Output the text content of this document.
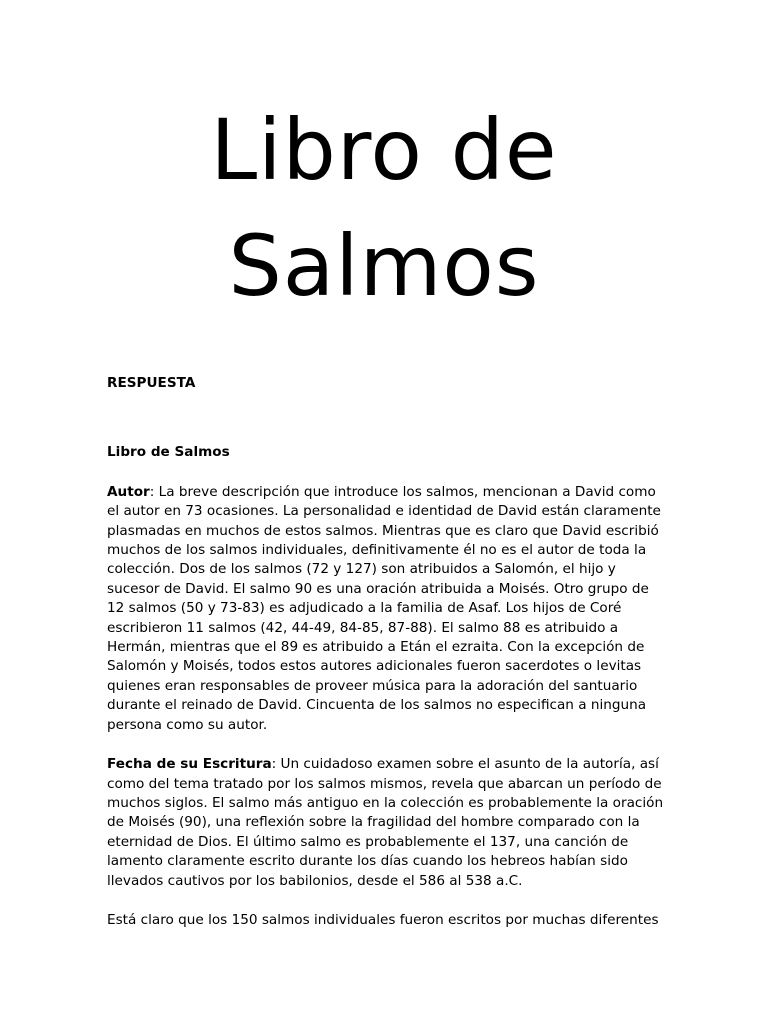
Libro de
Salmos

RESPUESTA

Libro de Salmos

Autor: La breve descripción que introduce los salmos, mencionan a David como el autor en 73 ocasiones. La personalidad e identidad de David están claramente plasmadas en muchos de estos salmos. Mientras que es claro que David escribió muchos de los salmos individuales, definitivamente él no es el autor de toda la colección. Dos de los salmos (72 y 127) son atribuidos a Salomón, el hijo y sucesor de David. El salmo 90 es una oración atribuida a Moisés. Otro grupo de 12 salmos (50 y 73-83) es adjudicado a la familia de Asaf. Los hijos de Coré escribieron 11 salmos (42, 44-49, 84-85, 87-88). El salmo 88 es atribuido a Hermán, mientras que el 89 es atribuido a Etán el ezraita. Con la excepción de Salomón y Moisés, todos estos autores adicionales fueron sacerdotes o levitas quienes eran responsables de proveer música para la adoración del santuario durante el reinado de David. Cincuenta de los salmos no especifican a ninguna persona como su autor.

Fecha de su Escritura: Un cuidadoso examen sobre el asunto de la autoría, así como del tema tratado por los salmos mismos, revela que abarcan un período de muchos siglos. El salmo más antiguo en la colección es probablemente la oración de Moisés (90), una reflexión sobre la fragilidad del hombre comparado con la eternidad de Dios. El último salmo es probablemente el 137, una canción de lamento claramente escrito durante los días cuando los hebreos habían sido llevados cautivos por los babilonios, desde el 586 al 538 a.C.

Está claro que los 150 salmos individuales fueron escritos por muchas diferentes
